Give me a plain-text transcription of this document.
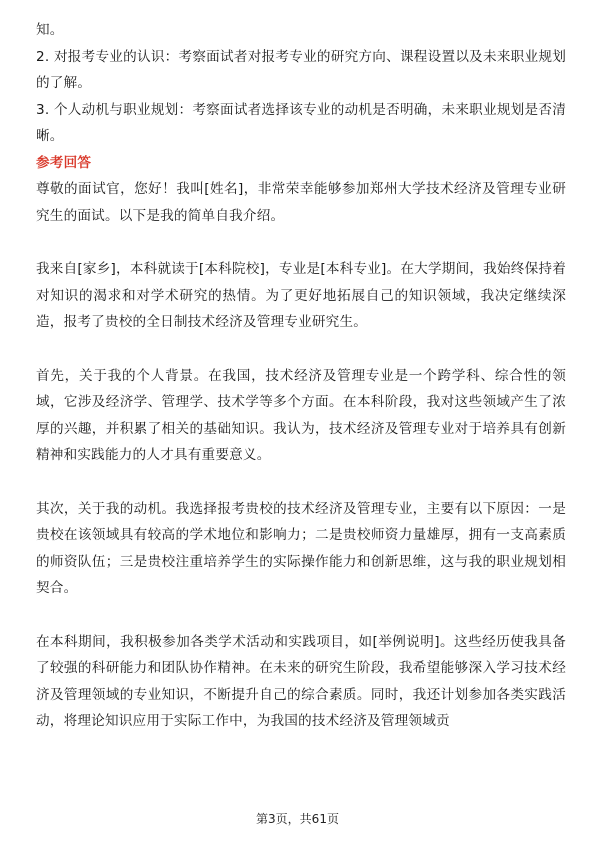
知。

2. 对报考专业的认识：考察面试者对报考专业的研究方向、课程设置以及未来职业规划的了解。

3. 个人动机与职业规划：考察面试者选择该专业的动机是否明确，未来职业规划是否清晰。

参考回答

尊敬的面试官，您好！我叫[姓名]，非常荣幸能够参加郑州大学技术经济及管理专业研究生的面试。以下是我的简单自我介绍。

我来自[家乡]，本科就读于[本科院校]，专业是[本科专业]。在大学期间，我始终保持着对知识的渴求和对学术研究的热情。为了更好地拓展自己的知识领域，我决定继续深造，报考了贵校的全日制技术经济及管理专业研究生。

首先，关于我的个人背景。在我国，技术经济及管理专业是一个跨学科、综合性的领域，它涉及经济学、管理学、技术学等多个方面。在本科阶段，我对这些领域产生了浓厚的兴趣，并积累了相关的基础知识。我认为，技术经济及管理专业对于培养具有创新精神和实践能力的人才具有重要意义。

其次，关于我的动机。我选择报考贵校的技术经济及管理专业，主要有以下原因：一是贵校在该领域具有较高的学术地位和影响力；二是贵校师资力量雄厚，拥有一支高素质的师资队伍；三是贵校注重培养学生的实际操作能力和创新思维，这与我的职业规划相契合。

在本科期间，我积极参加各类学术活动和实践项目，如[举例说明]。这些经历使我具备了较强的科研能力和团队协作精神。在未来的研究生阶段，我希望能够深入学习技术经济及管理领域的专业知识，不断提升自己的综合素质。同时，我还计划参加各类实践活动，将理论知识应用于实际工作中，为我国的技术经济及管理领域贡

第3页，共61页
